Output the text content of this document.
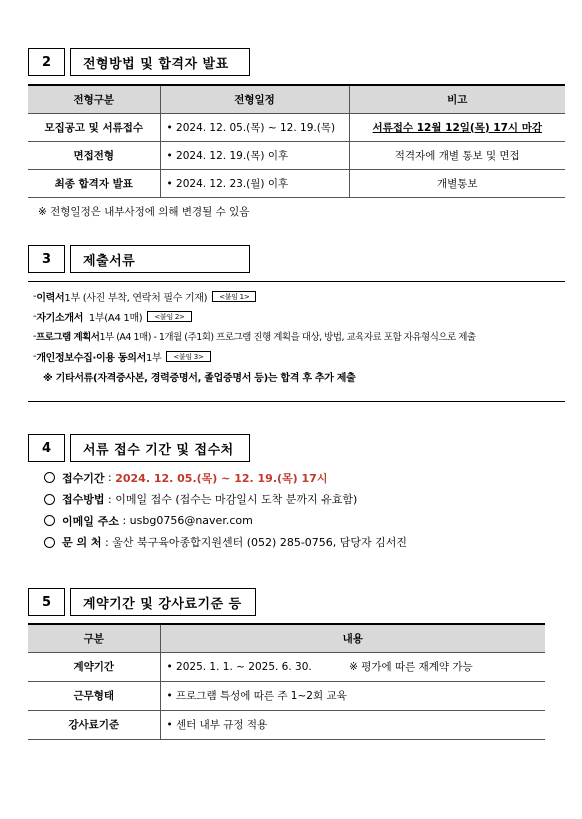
2	전형방법 및 합격자 발표
전형구분	전형일정	비고
모집공고 및 서류접수	• 2024. 12. 05.(목) ~ 12. 19.(목)	서류접수 12월 12일(목) 17시 마감
면접전형	• 2024. 12. 19.(목) 이후	적격자에 개별 통보 및 면접
최종 합격자 발표	• 2024. 12. 23.(월) 이후	개별통보
※ 전형일정은 내부사정에 의해 변경될 수 있음
3	제출서류
- 이력서 1부 (사진 부착, 연락처 필수 기재)	<붙임 1>
- 자기소개서 1부(A4 1매)	<붙임 2>
- 프로그램 계획서 1부 (A4 1매) - 1개월 (주1회) 프로그램 진행 계획을 대상, 방법, 교육자료 포함 자유형식으로 제출
- 개인정보수집·이용 동의서 1부	<붙임 3>
※ 기타서류(자격증사본, 경력증명서, 졸업증명서 등)는 합격 후 추가 제출
4	서류 접수 기간 및 접수처
접수기간 : 2024. 12. 05.(목) ~ 12. 19.(목) 17시
접수방법 : 이메일 접수 (접수는 마감일시 도착 분까지 유효함)
이메일 주소 : usbg0756@naver.com
문 의 처 : 울산 북구육아종합지원센터 (052) 285-0756, 담당자 김서진
5	계약기간 및 강사료기준 등
구분	내용
계약기간	• 2025. 1. 1. ~ 2025. 6. 30. ※ 평가에 따른 재계약 가능
근무형태	• 프로그램 특성에 따른 주 1~2회 교육
강사료기준	• 센터 내부 규정 적용
